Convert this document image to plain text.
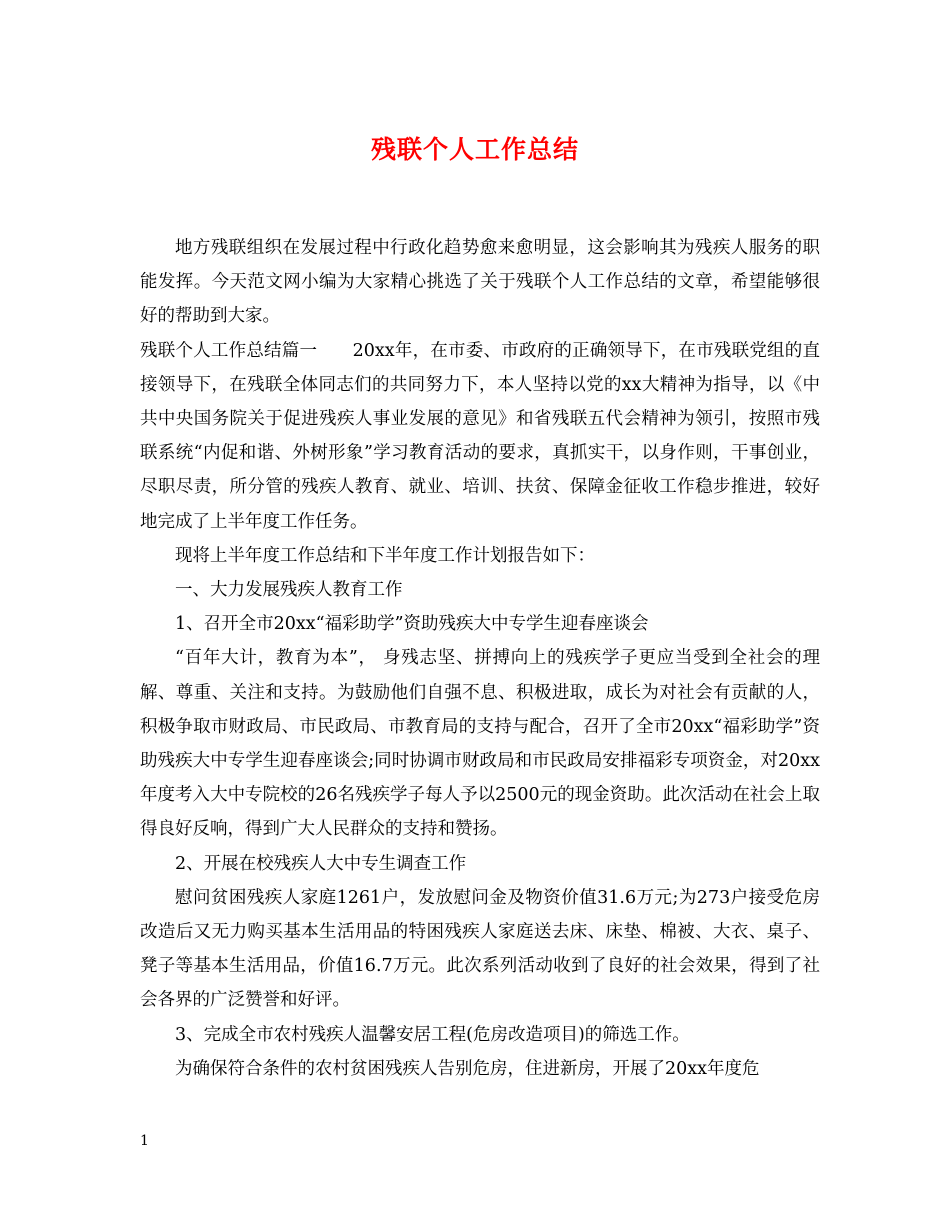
残联个人工作总结

地方残联组织在发展过程中行政化趋势愈来愈明显，这会影响其为残疾人服务的职能发挥。今天范文网小编为大家精心挑选了关于残联个人工作总结的文章，希望能够很好的帮助到大家。

残联个人工作总结篇一　　20xx年，在市委、市政府的正确领导下，在市残联党组的直接领导下，在残联全体同志们的共同努力下，本人坚持以党的xx大精神为指导，以《中共中央国务院关于促进残疾人事业发展的意见》和省残联五代会精神为领引，按照市残联系统“内促和谐、外树形象”学习教育活动的要求，真抓实干，以身作则，干事创业，尽职尽责，所分管的残疾人教育、就业、培训、扶贫、保障金征收工作稳步推进，较好地完成了上半年度工作任务。

现将上半年度工作总结和下半年度工作计划报告如下：

一、大力发展残疾人教育工作

1、召开全市20xx“福彩助学”资助残疾大中专学生迎春座谈会

“百年大计，教育为本”， 身残志坚、拼搏向上的残疾学子更应当受到全社会的理解、尊重、关注和支持。为鼓励他们自强不息、积极进取，成长为对社会有贡献的人，积极争取市财政局、市民政局、市教育局的支持与配合，召开了全市20xx“福彩助学”资助残疾大中专学生迎春座谈会;同时协调市财政局和市民政局安排福彩专项资金，对20xx年度考入大中专院校的26名残疾学子每人予以2500元的现金资助。此次活动在社会上取得良好反响，得到广大人民群众的支持和赞扬。

2、开展在校残疾人大中专生调查工作

慰问贫困残疾人家庭1261户，发放慰问金及物资价值31.6万元;为273户接受危房改造后又无力购买基本生活用品的特困残疾人家庭送去床、床垫、棉被、大衣、桌子、凳子等基本生活用品，价值16.7万元。此次系列活动收到了良好的社会效果，得到了社会各界的广泛赞誉和好评。

3、完成全市农村残疾人温馨安居工程(危房改造项目)的筛选工作。

为确保符合条件的农村贫困残疾人告别危房，住进新房，开展了20xx年度危

1
